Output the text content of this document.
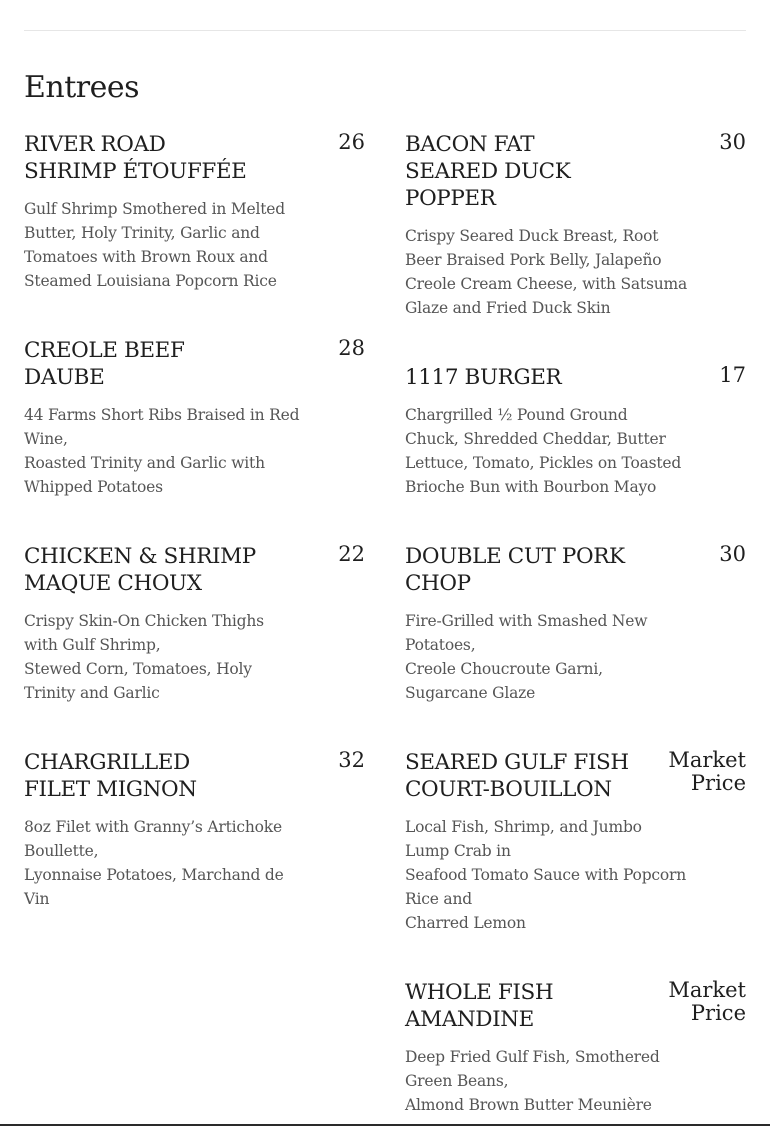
Entrees
RIVER ROAD
SHRIMP ÉTOUFFÉE
26
Gulf Shrimp Smothered in Melted
Butter, Holy Trinity, Garlic and
Tomatoes with Brown Roux and
Steamed Louisiana Popcorn Rice
BACON FAT
SEARED DUCK
POPPER
30
Crispy Seared Duck Breast, Root
Beer Braised Pork Belly, Jalapeño
Creole Cream Cheese, with Satsuma
Glaze and Fried Duck Skin
CREOLE BEEF
DAUBE
28
44 Farms Short Ribs Braised in Red
Wine,
Roasted Trinity and Garlic with
Whipped Potatoes
1117 BURGER	17
Chargrilled ½ Pound Ground
Chuck, Shredded Cheddar, Butter
Lettuce, Tomato, Pickles on Toasted
Brioche Bun with Bourbon Mayo
CHICKEN & SHRIMP
MAQUE CHOUX
22
Crispy Skin-On Chicken Thighs
with Gulf Shrimp,
Stewed Corn, Tomatoes, Holy
Trinity and Garlic
DOUBLE CUT PORK
CHOP
30
Fire-Grilled with Smashed New
Potatoes,
Creole Choucroute Garni,
Sugarcane Glaze
CHARGRILLED
FILET MIGNON
32
8oz Filet with Granny’s Artichoke
Boullette,
Lyonnaise Potatoes, Marchand de
Vin
SEARED GULF FISH
COURT-BOUILLON
Market
Price
Local Fish, Shrimp, and Jumbo
Lump Crab in
Seafood Tomato Sauce with Popcorn
Rice and
Charred Lemon
WHOLE FISH
AMANDINE
Market
Price
Deep Fried Gulf Fish, Smothered
Green Beans,
Almond Brown Butter Meunière
